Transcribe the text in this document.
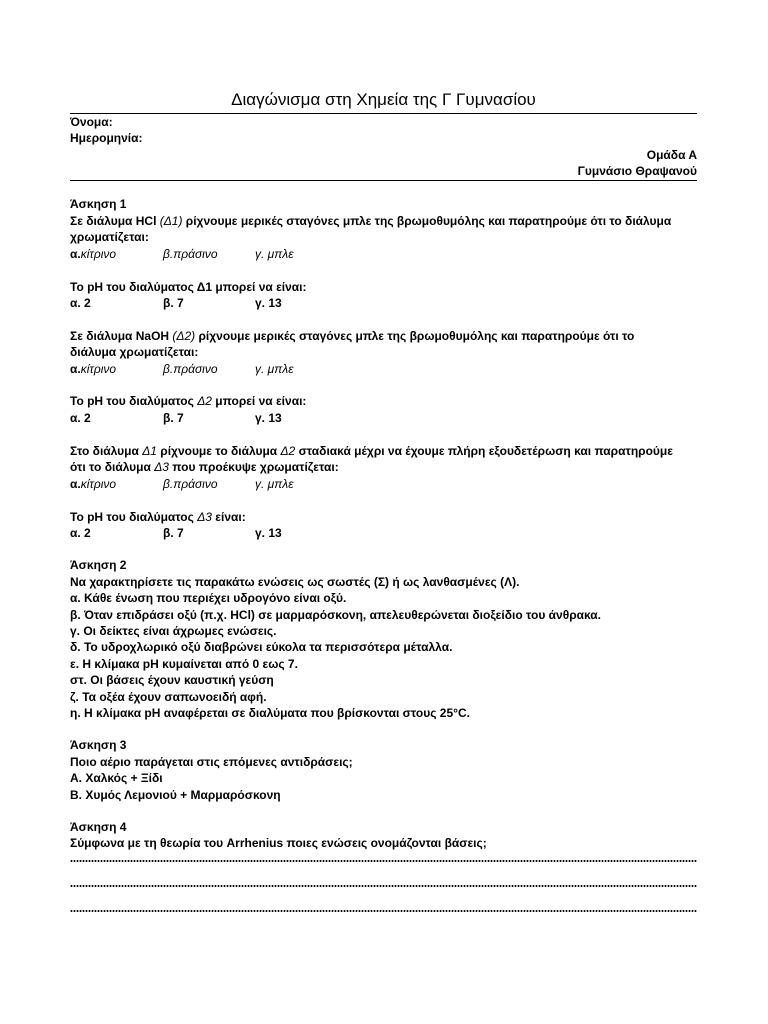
Διαγώνισμα στη Χημεία της Γ Γυμνασίου
Όνομα:
Ημερομηνία:
Ομάδα Α
Γυμνάσιο Θραψανού
Άσκηση 1
Σε διάλυμα HCl (Δ1) ρίχνουμε μερικές σταγόνες μπλε της βρωμοθυμόλης και παρατηρούμε ότι το διάλυμα
χρωματίζεται:
α.κίτρινο	β.πράσινο	γ. μπλε
Το pH του διαλύματος Δ1 μπορεί να είναι:
α. 2	β. 7	γ. 13
Σε διάλυμα NaOH (Δ2) ρίχνουμε μερικές σταγόνες μπλε της βρωμοθυμόλης και παρατηρούμε ότι το
διάλυμα χρωματίζεται:
α.κίτρινο	β.πράσινο	γ. μπλε
Το pH του διαλύματος Δ2 μπορεί να είναι:
α. 2	β. 7	γ. 13
Στο διάλυμα Δ1 ρίχνουμε το διάλυμα Δ2 σταδιακά μέχρι να έχουμε πλήρη εξουδετέρωση και παρατηρούμε
ότι το διάλυμα Δ3 που προέκυψε χρωματίζεται:
α.κίτρινο	β.πράσινο	γ. μπλε
Το pH του διαλύματος Δ3 είναι:
α. 2	β. 7	γ. 13
Άσκηση 2
Να χαρακτηρίσετε τις παρακάτω ενώσεις ως σωστές (Σ) ή ως λανθασμένες (Λ).
α. Κάθε ένωση που περιέχει υδρογόνο είναι οξύ.
β. Όταν επιδράσει οξύ (π.χ. HCl) σε μαρμαρόσκονη, απελευθερώνεται διοξείδιο του άνθρακα.
γ. Οι δείκτες είναι άχρωμες ενώσεις.
δ. Το υδροχλωρικό οξύ διαβρώνει εύκολα τα περισσότερα μέταλλα.
ε. Η κλίμακα pH κυμαίνεται από 0 εως 7.
στ. Οι βάσεις έχουν καυστική γεύση
ζ. Τα οξέα έχουν σαπωνοειδή αφή.
η. Η κλίμακα pH αναφέρεται σε διαλύματα που βρίσκονται στους 25°C.
Άσκηση 3
Ποιο αέριο παράγεται στις επόμενες αντιδράσεις;
Α. Χαλκός + Ξίδι
Β. Χυμός Λεμονιού + Μαρμαρόσκονη
Άσκηση 4
Σύμφωνα με τη θεωρία του Arrhenius ποιες ενώσεις ονομάζονται βάσεις;
